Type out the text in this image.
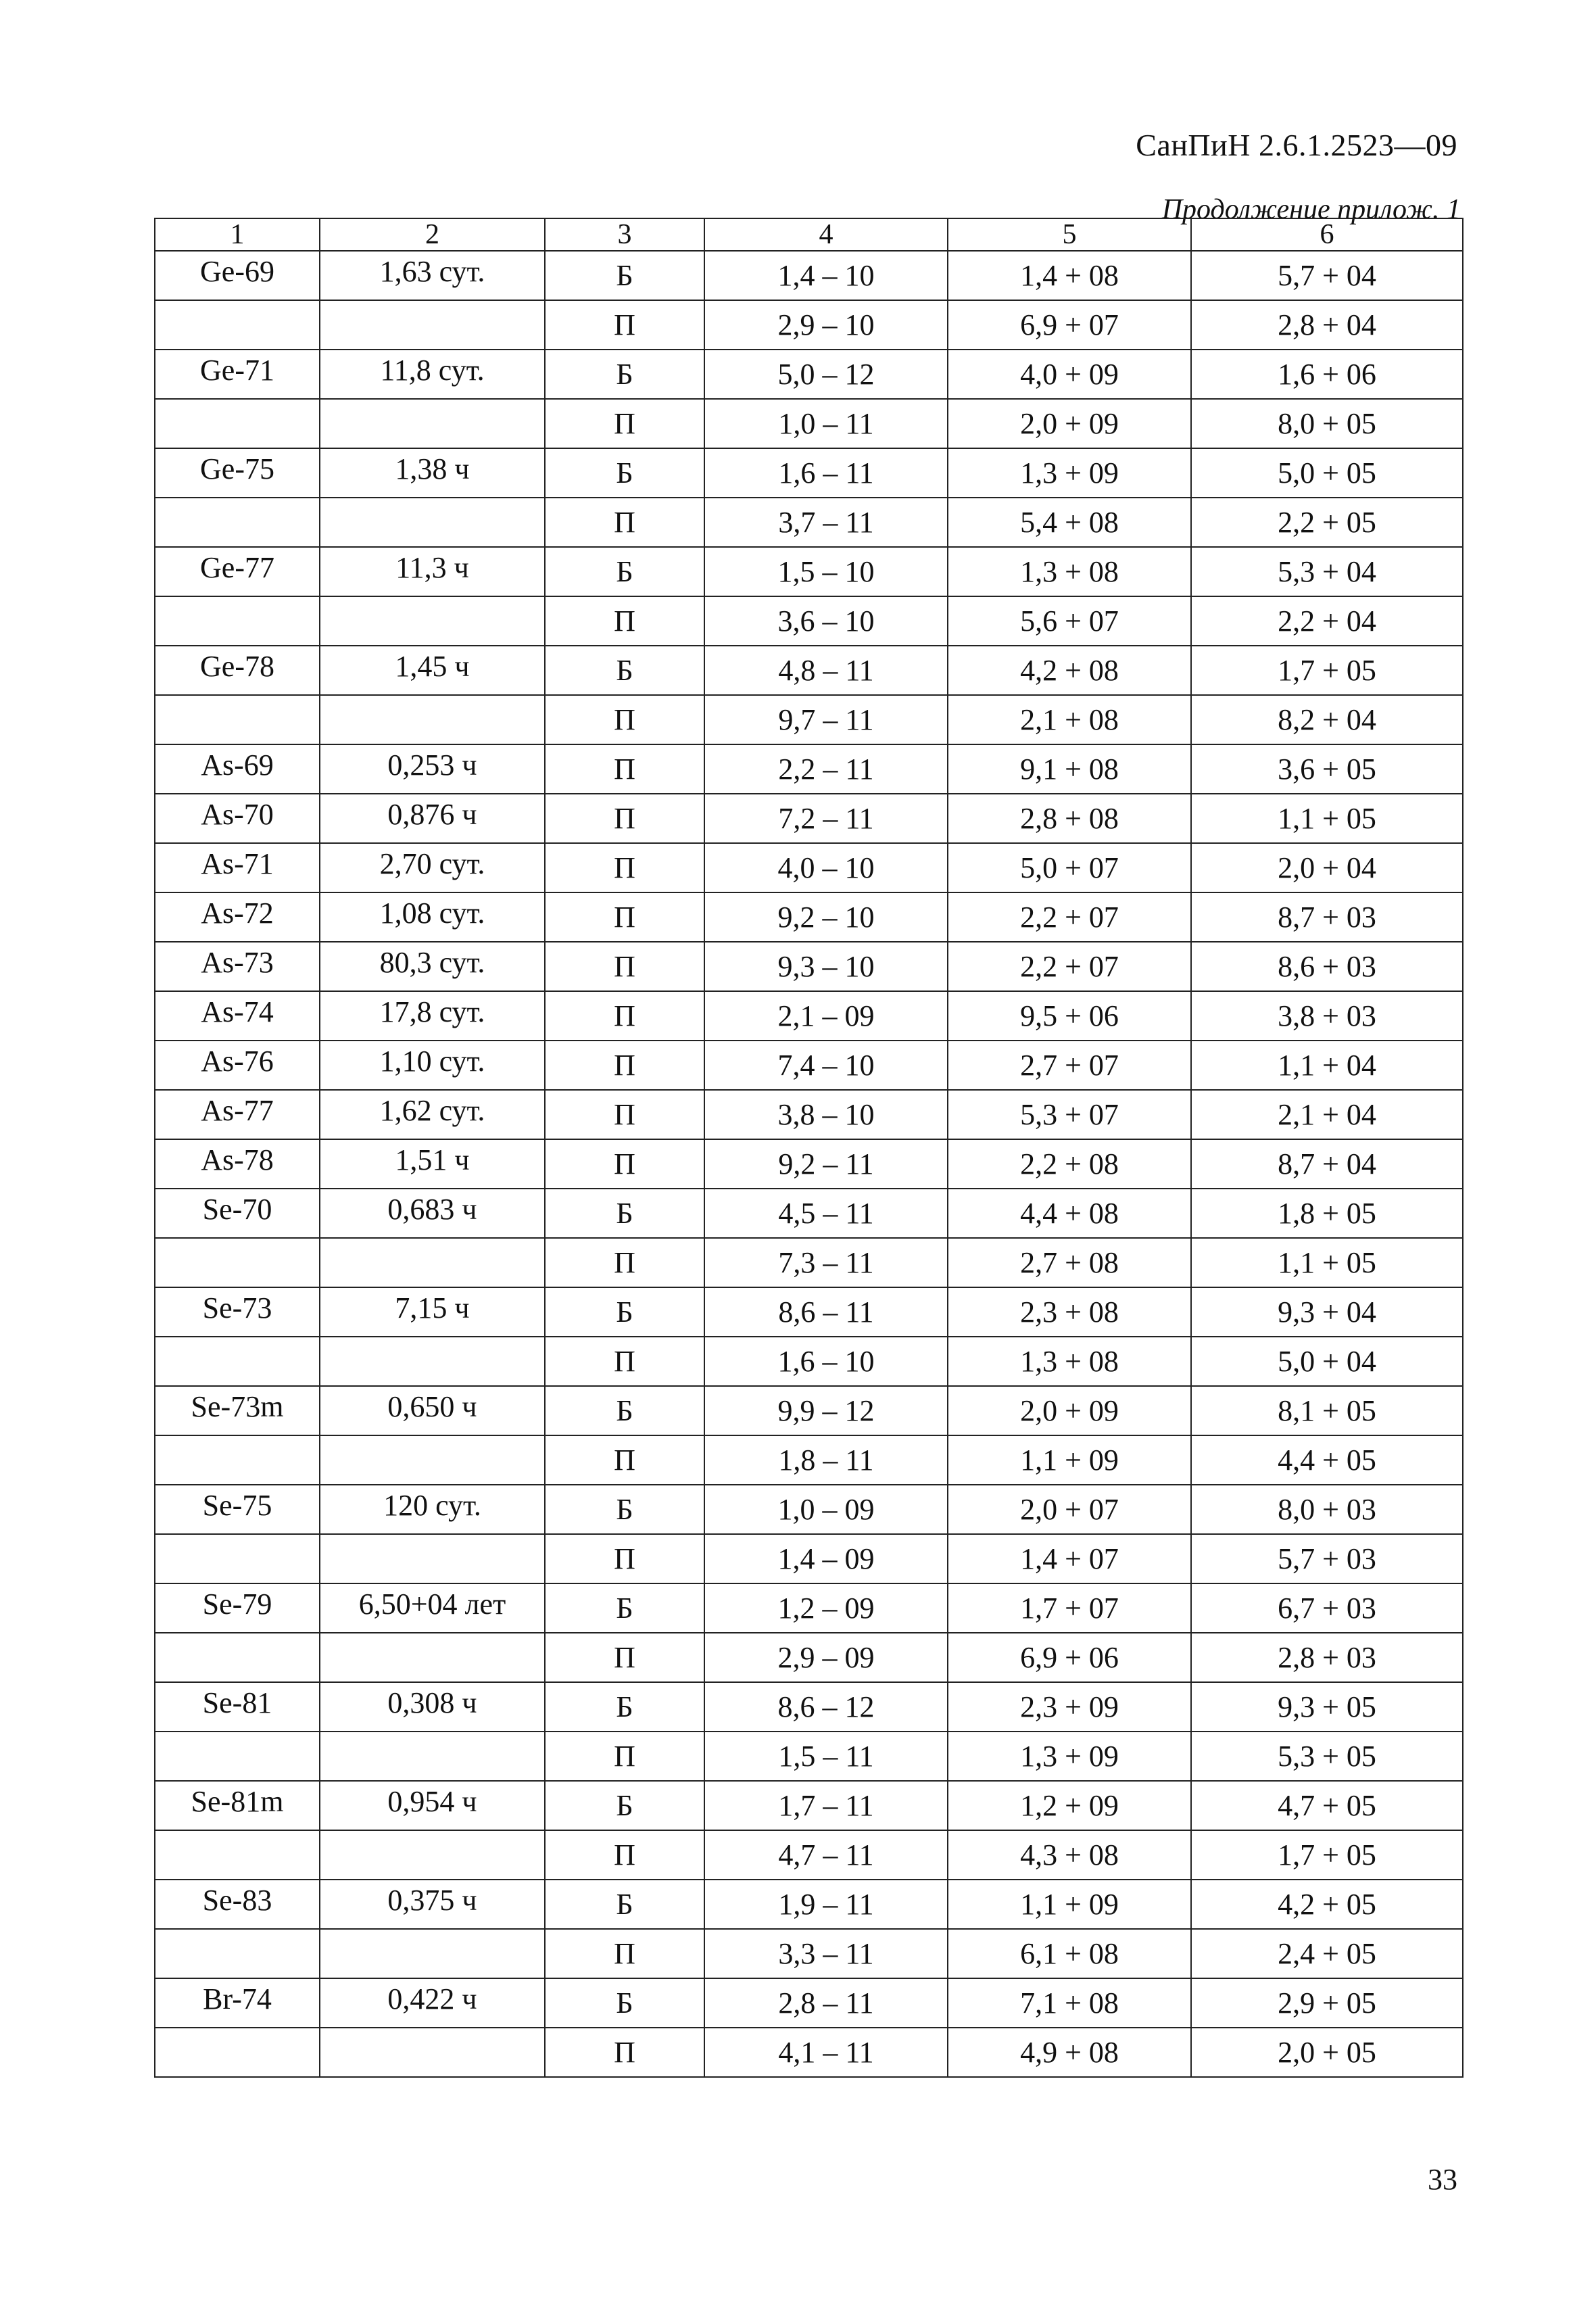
СанПиН 2.6.1.2523—09
Продолжение прилож. 1
1	2	3	4	5	6
Ge-69	1,63 сут.	Б	1,4 – 10	1,4 + 08	5,7 + 04
		П	2,9 – 10	6,9 + 07	2,8 + 04
Ge-71	11,8 сут.	Б	5,0 – 12	4,0 + 09	1,6 + 06
		П	1,0 – 11	2,0 + 09	8,0 + 05
Ge-75	1,38 ч	Б	1,6 – 11	1,3 + 09	5,0 + 05
		П	3,7 – 11	5,4 + 08	2,2 + 05
Ge-77	11,3 ч	Б	1,5 – 10	1,3 + 08	5,3 + 04
		П	3,6 – 10	5,6 + 07	2,2 + 04
Ge-78	1,45 ч	Б	4,8 – 11	4,2 + 08	1,7 + 05
		П	9,7 – 11	2,1 + 08	8,2 + 04
As-69	0,253 ч	П	2,2 – 11	9,1 + 08	3,6 + 05
As-70	0,876 ч	П	7,2 – 11	2,8 + 08	1,1 + 05
As-71	2,70 сут.	П	4,0 – 10	5,0 + 07	2,0 + 04
As-72	1,08 сут.	П	9,2 – 10	2,2 + 07	8,7 + 03
As-73	80,3 сут.	П	9,3 – 10	2,2 + 07	8,6 + 03
As-74	17,8 сут.	П	2,1 – 09	9,5 + 06	3,8 + 03
As-76	1,10 сут.	П	7,4 – 10	2,7 + 07	1,1 + 04
As-77	1,62 сут.	П	3,8 – 10	5,3 + 07	2,1 + 04
As-78	1,51 ч	П	9,2 – 11	2,2 + 08	8,7 + 04
Se-70	0,683 ч	Б	4,5 – 11	4,4 + 08	1,8 + 05
		П	7,3 – 11	2,7 + 08	1,1 + 05
Se-73	7,15 ч	Б	8,6 – 11	2,3 + 08	9,3 + 04
		П	1,6 – 10	1,3 + 08	5,0 + 04
Se-73m	0,650 ч	Б	9,9 – 12	2,0 + 09	8,1 + 05
		П	1,8 – 11	1,1 + 09	4,4 + 05
Se-75	120 сут.	Б	1,0 – 09	2,0 + 07	8,0 + 03
		П	1,4 – 09	1,4 + 07	5,7 + 03
Se-79	6,50+04 лет	Б	1,2 – 09	1,7 + 07	6,7 + 03
		П	2,9 – 09	6,9 + 06	2,8 + 03
Se-81	0,308 ч	Б	8,6 – 12	2,3 + 09	9,3 + 05
		П	1,5 – 11	1,3 + 09	5,3 + 05
Se-81m	0,954 ч	Б	1,7 – 11	1,2 + 09	4,7 + 05
		П	4,7 – 11	4,3 + 08	1,7 + 05
Se-83	0,375 ч	Б	1,9 – 11	1,1 + 09	4,2 + 05
		П	3,3 – 11	6,1 + 08	2,4 + 05
Br-74	0,422 ч	Б	2,8 – 11	7,1 + 08	2,9 + 05
		П	4,1 – 11	4,9 + 08	2,0 + 05
33
